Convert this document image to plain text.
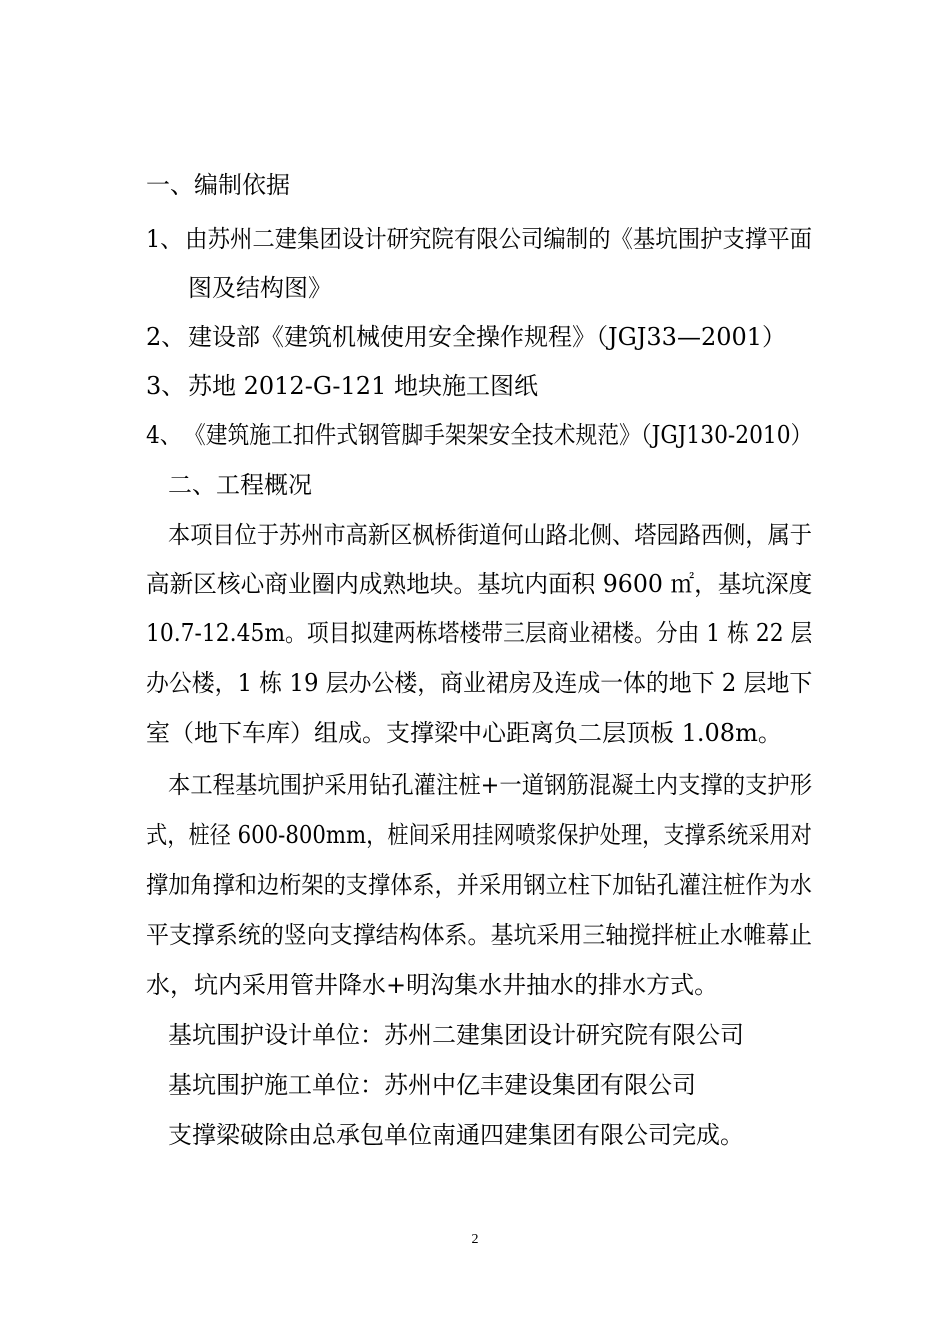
一、编制依据
1、 由苏州二建集团设计研究院有限公司编制的《基坑围护支撑平面
图及结构图》
2、 建设部《建筑机械使用安全操作规程》（JGJ33—2001）
3、 苏地 2012-G-121 地块施工图纸
4、 《建筑施工扣件式钢管脚手架架安全技术规范》（JGJ130-2010）
二、工程概况
本项目位于苏州市高新区枫桥街道何山路北侧、塔园路西侧，属于
高新区核心商业圈内成熟地块。基坑内面积 9600 ㎡，基坑深度
10.7-12.45m。项目拟建两栋塔楼带三层商业裙楼。分由 1 栋 22 层
办公楼，1 栋 19 层办公楼，商业裙房及连成一体的地下 2 层地下
室（地下车库）组成。支撑梁中心距离负二层顶板 1.08m。
本工程基坑围护采用钻孔灌注桩+一道钢筋混凝土内支撑的支护形
式，桩径 600-800mm，桩间采用挂网喷浆保护处理，支撑系统采用对
撑加角撑和边桁架的支撑体系，并采用钢立柱下加钻孔灌注桩作为水
平支撑系统的竖向支撑结构体系。基坑采用三轴搅拌桩止水帷幕止
水，坑内采用管井降水+明沟集水井抽水的排水方式。
基坑围护设计单位：苏州二建集团设计研究院有限公司
基坑围护施工单位：苏州中亿丰建设集团有限公司
支撑梁破除由总承包单位南通四建集团有限公司完成。
2
